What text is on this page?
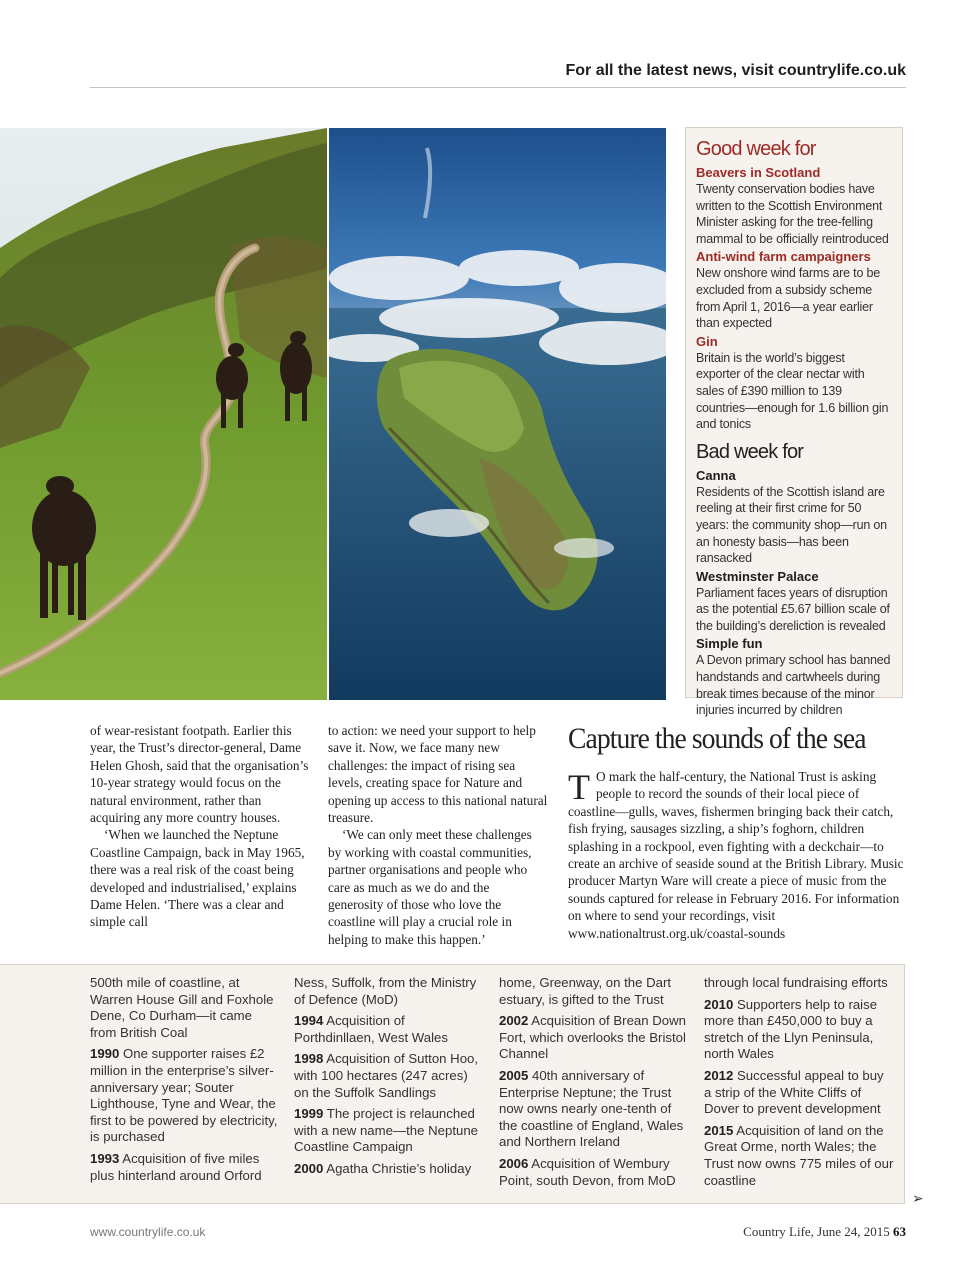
For all the latest news, visit countrylife.co.uk
Good week for
Beavers in Scotland
Twenty conservation bodies have written to the Scottish Environment Minister asking for the tree-felling mammal to be officially reintroduced
Anti-wind farm campaigners
New onshore wind farms are to be excluded from a subsidy scheme from April 1, 2016—a year earlier than expected
Gin
Britain is the world’s biggest exporter of the clear nectar with sales of £390 million to 139 countries—enough for 1.6 billion gin and tonics
Bad week for
Canna
Residents of the Scottish island are reeling at their first crime for 50 years: the community shop—run on an honesty basis—has been ransacked
Westminster Palace
Parliament faces years of disruption as the potential £5.67 billion scale of the building’s dereliction is revealed
Simple fun
A Devon primary school has banned handstands and cartwheels during break times because of the minor injuries incurred by children

of wear-resistant footpath. Earlier this year, the Trust’s director-general, Dame Helen Ghosh, said that the organisation’s 10-year strategy would focus on the natural environment, rather than acquiring any more country houses.

‘When we launched the Neptune Coastline Campaign, back in May 1965, there was a real risk of the coast being developed and industrialised,’ explains Dame Helen. ‘There was a clear and simple call

to action: we need your support to help save it. Now, we face many new challenges: the impact of rising sea levels, creating space for Nature and opening up access to this national natural treasure.

‘We can only meet these challenges by working with coastal communities, partner organisations and people who care as much as we do and the generosity of those who love the coastline will play a crucial role in helping to make this happen.’

Capture the sounds of the sea

T O mark the half-century, the National Trust is asking people to record the sounds of their local piece of coastline—gulls, waves, fishermen bringing back their catch, fish frying, sausages sizzling, a ship’s foghorn, children splashing in a rockpool, even fighting with a deckchair—to create an archive of seaside sound at the British Library. Music producer Martyn Ware will create a piece of music from the sounds captured for release in February 2016. For information on where to send your recordings, visit www.nationaltrust.org.uk/coastal-sounds

500th mile of coastline, at Warren House Gill and Foxhole Dene, Co Durham—it came from British Coal
1990 One supporter raises £2 million in the enterprise’s silver-anniversary year; Souter Lighthouse, Tyne and Wear, the first to be powered by electricity, is purchased
1993 Acquisition of five miles plus hinterland around Orford
Ness, Suffolk, from the Ministry of Defence (MoD)
1994 Acquisition of Porthdinllaen, West Wales
1998 Acquisition of Sutton Hoo, with 100 hectares (247 acres) on the Suffolk Sandlings
1999 The project is relaunched with a new name—the Neptune Coastline Campaign
2000 Agatha Christie’s holiday
home, Greenway, on the Dart estuary, is gifted to the Trust
2002 Acquisition of Brean Down Fort, which overlooks the Bristol Channel
2005 40th anniversary of Enterprise Neptune; the Trust now owns nearly one-tenth of the coastline of England, Wales and Northern Ireland
2006 Acquisition of Wembury Point, south Devon, from MoD
through local fundraising efforts
2010 Supporters help to raise more than £450,000 to buy a stretch of the Llyn Peninsula, north Wales
2012 Successful appeal to buy a strip of the White Cliffs of Dover to prevent development
2015 Acquisition of land on the Great Orme, north Wales; the Trust now owns 775 miles of our coastline
➢
www.countrylife.co.uk	Country Life, June 24, 2015 63
